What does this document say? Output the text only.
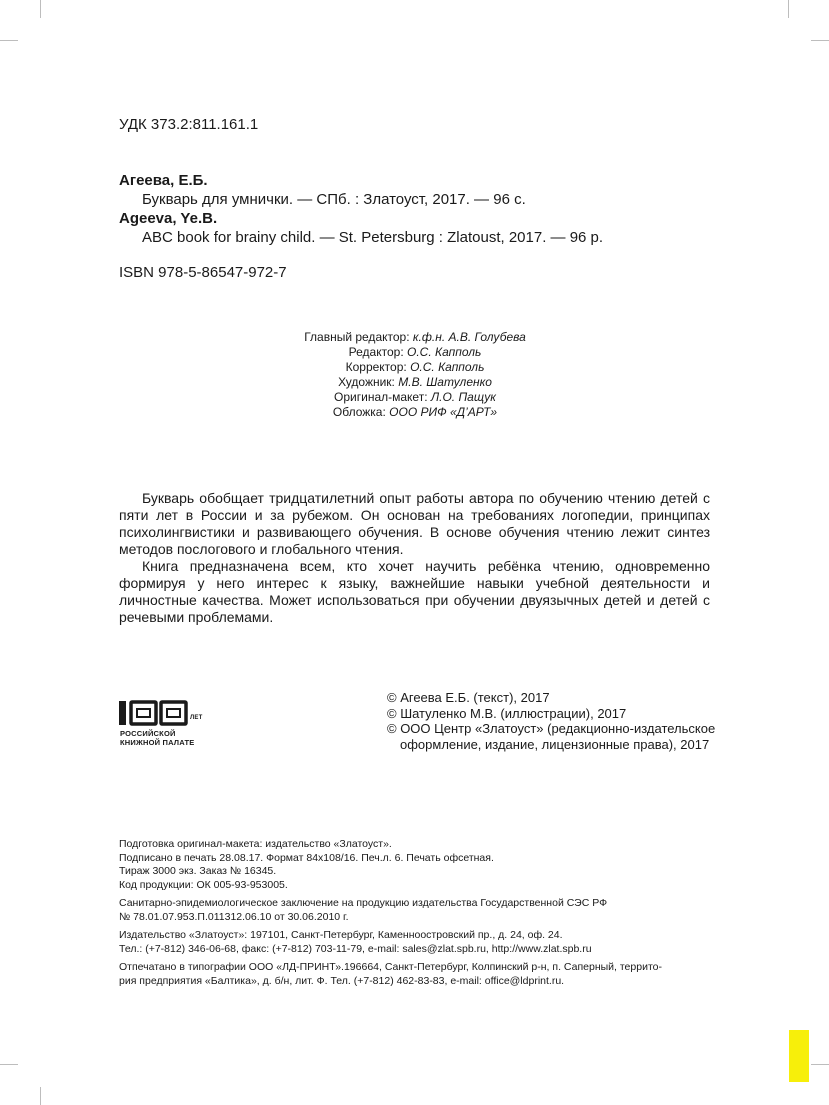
УДК 373.2:811.161.1
Агеева, Е.Б.
Букварь для умнички. — СПб. : Златоуст, 2017. — 96 с.
Ageeva, Ye.B.
ABC book for brainy child. — St. Petersburg : Zlatoust, 2017. — 96 p.
ISBN 978-5-86547-972-7
Главный редактор: к.ф.н. А.В. Голубева
Редактор: О.С. Капполь
Корректор: О.С. Капполь
Художник: М.В. Шатуленко
Оригинал-макет: Л.О. Пащук
Обложка: ООО РИФ «Д’АРТ»

Букварь обобщает тридцатилетний опыт работы автора по обучению чтению детей с пяти лет в России и за рубежом. Он основан на требованиях логопедии, принципах психолингвистики и развивающего обучения. В основе обучения чтению лежит синтез методов послогового и глобального чтения.

Книга предназначена всем, кто хочет научить ребёнка чтению, одновременно формируя у него интерес к языку, важнейшие навыки учебной деятельности и личностные качества. Может использоваться при обучении двуязычных детей и детей с речевыми проблемами.

ЛЕТ
РОССИЙСКОЙ
КНИЖНОЙ ПАЛАТЕ
© Агеева Е.Б. (текст), 2017
© Шатуленко М.В. (иллюстрации), 2017
© ООО Центр «Златоуст» (редакционно-издательское
оформление, издание, лицензионные права), 2017
Подготовка оригинал-макета: издательство «Златоуст».
Подписано в печать 28.08.17. Формат 84x108/16. Печ.л. 6. Печать офсетная.
Тираж 3000 экз. Заказ № 16345.
Код продукции: ОК 005-93-953005.
Санитарно-эпидемиологическое заключение на продукцию издательства Государственной СЭС РФ
№ 78.01.07.953.П.011312.06.10 от 30.06.2010 г.
Издательство «Златоуст»: 197101, Санкт-Петербург, Каменноостровский пр., д. 24, оф. 24.
Тел.: (+7-812) 346-06-68, факс: (+7-812) 703-11-79, e-mail: sales@zlat.spb.ru, http://www.zlat.spb.ru
Отпечатано в типографии ООО «ЛД-ПРИНТ».196664, Санкт-Петербург, Колпинский р-н, п. Саперный, террито-
рия предприятия «Балтика», д. б/н, лит. Ф. Тел. (+7-812) 462-83-83, e-mail: office@ldprint.ru.
